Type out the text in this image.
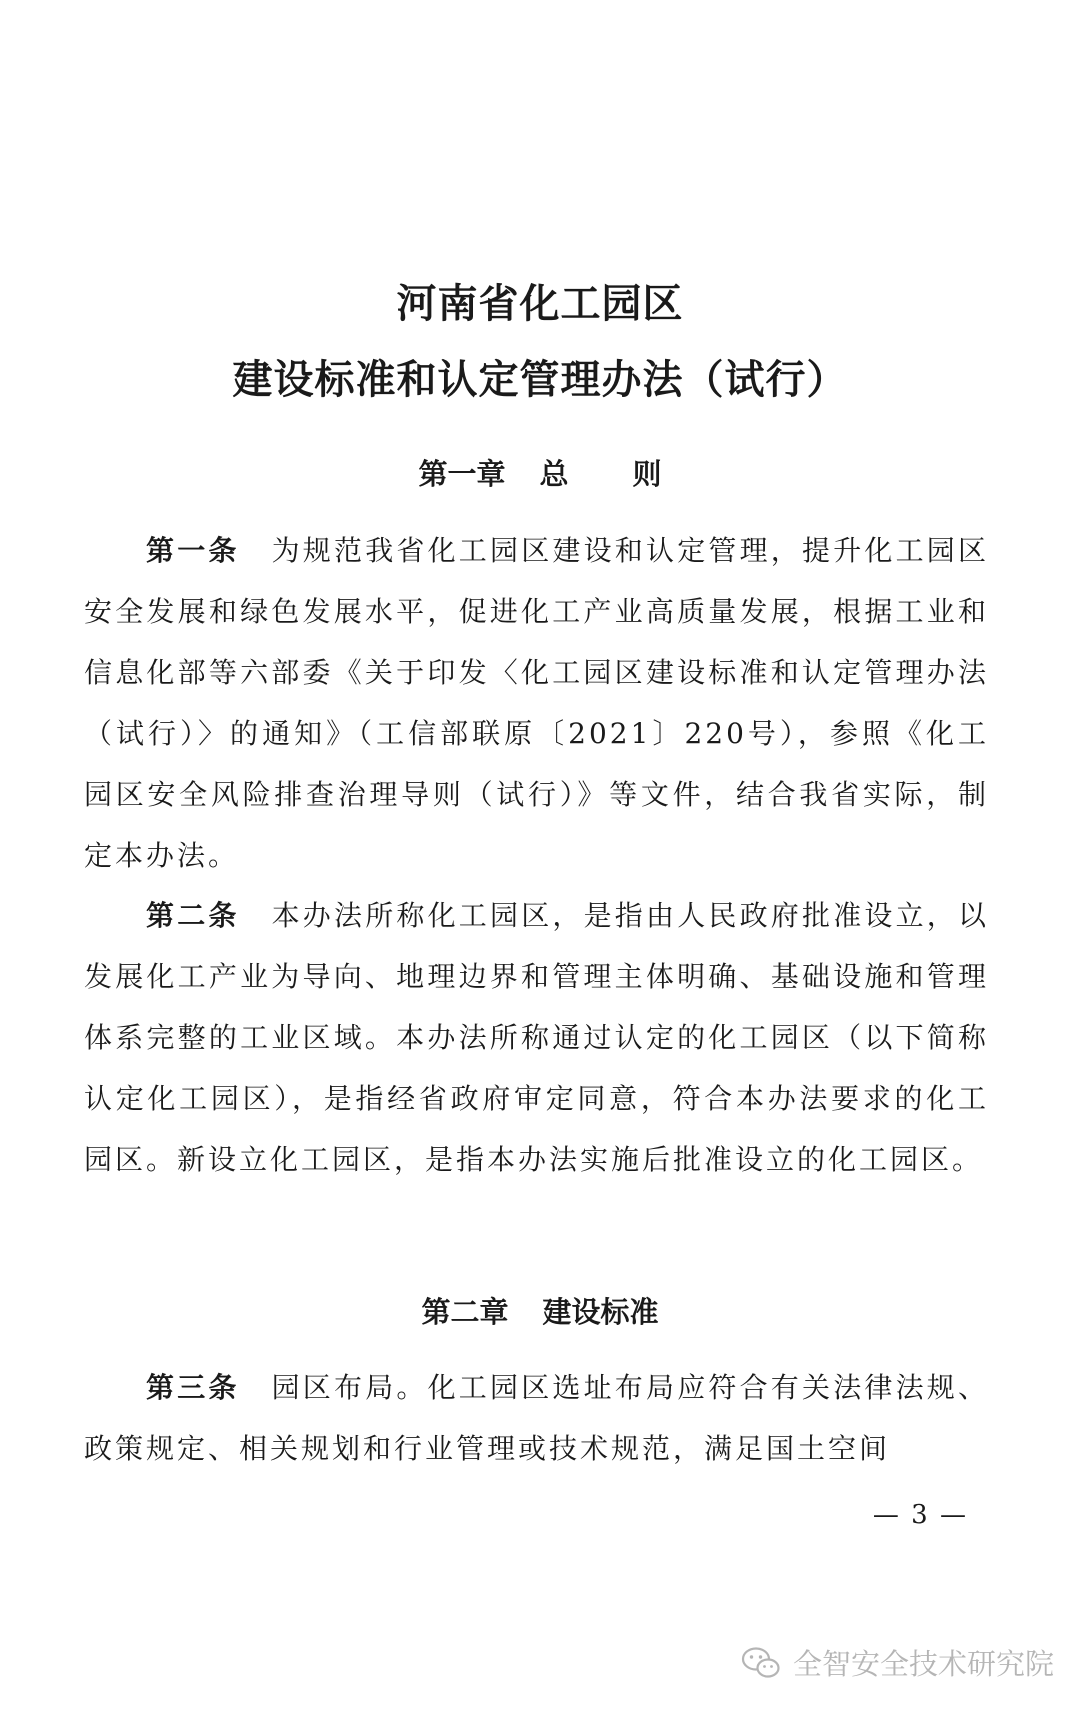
河南省化工园区
建设标准和认定管理办法（试行）
第一章 总 则
第一条 为规范我省化工园区建设和认定管理，提升化工园区安全发展和绿色发展水平，促进化工产业高质量发展，根据工业和信息化部等六部委《关于印发〈化工园区建设标准和认定管理办法（试行）〉的通知》（工信部联原〔2021〕220号），参照《化工园区安全风险排查治理导则（试行）》等文件，结合我省实际，制定本办法。
第二条 本办法所称化工园区，是指由人民政府批准设立，以发展化工产业为导向、地理边界和管理主体明确、基础设施和管理体系完整的工业区域。本办法所称通过认定的化工园区（以下简称认定化工园区），是指经省政府审定同意，符合本办法要求的化工园区。新设立化工园区，是指本办法实施后批准设立的化工园区。
第二章 建设标准
第三条 园区布局。化工园区选址布局应符合有关法律法规、政策规定、相关规划和行业管理或技术规范，满足国土空间
— 3 —
全智安全技术研究院
